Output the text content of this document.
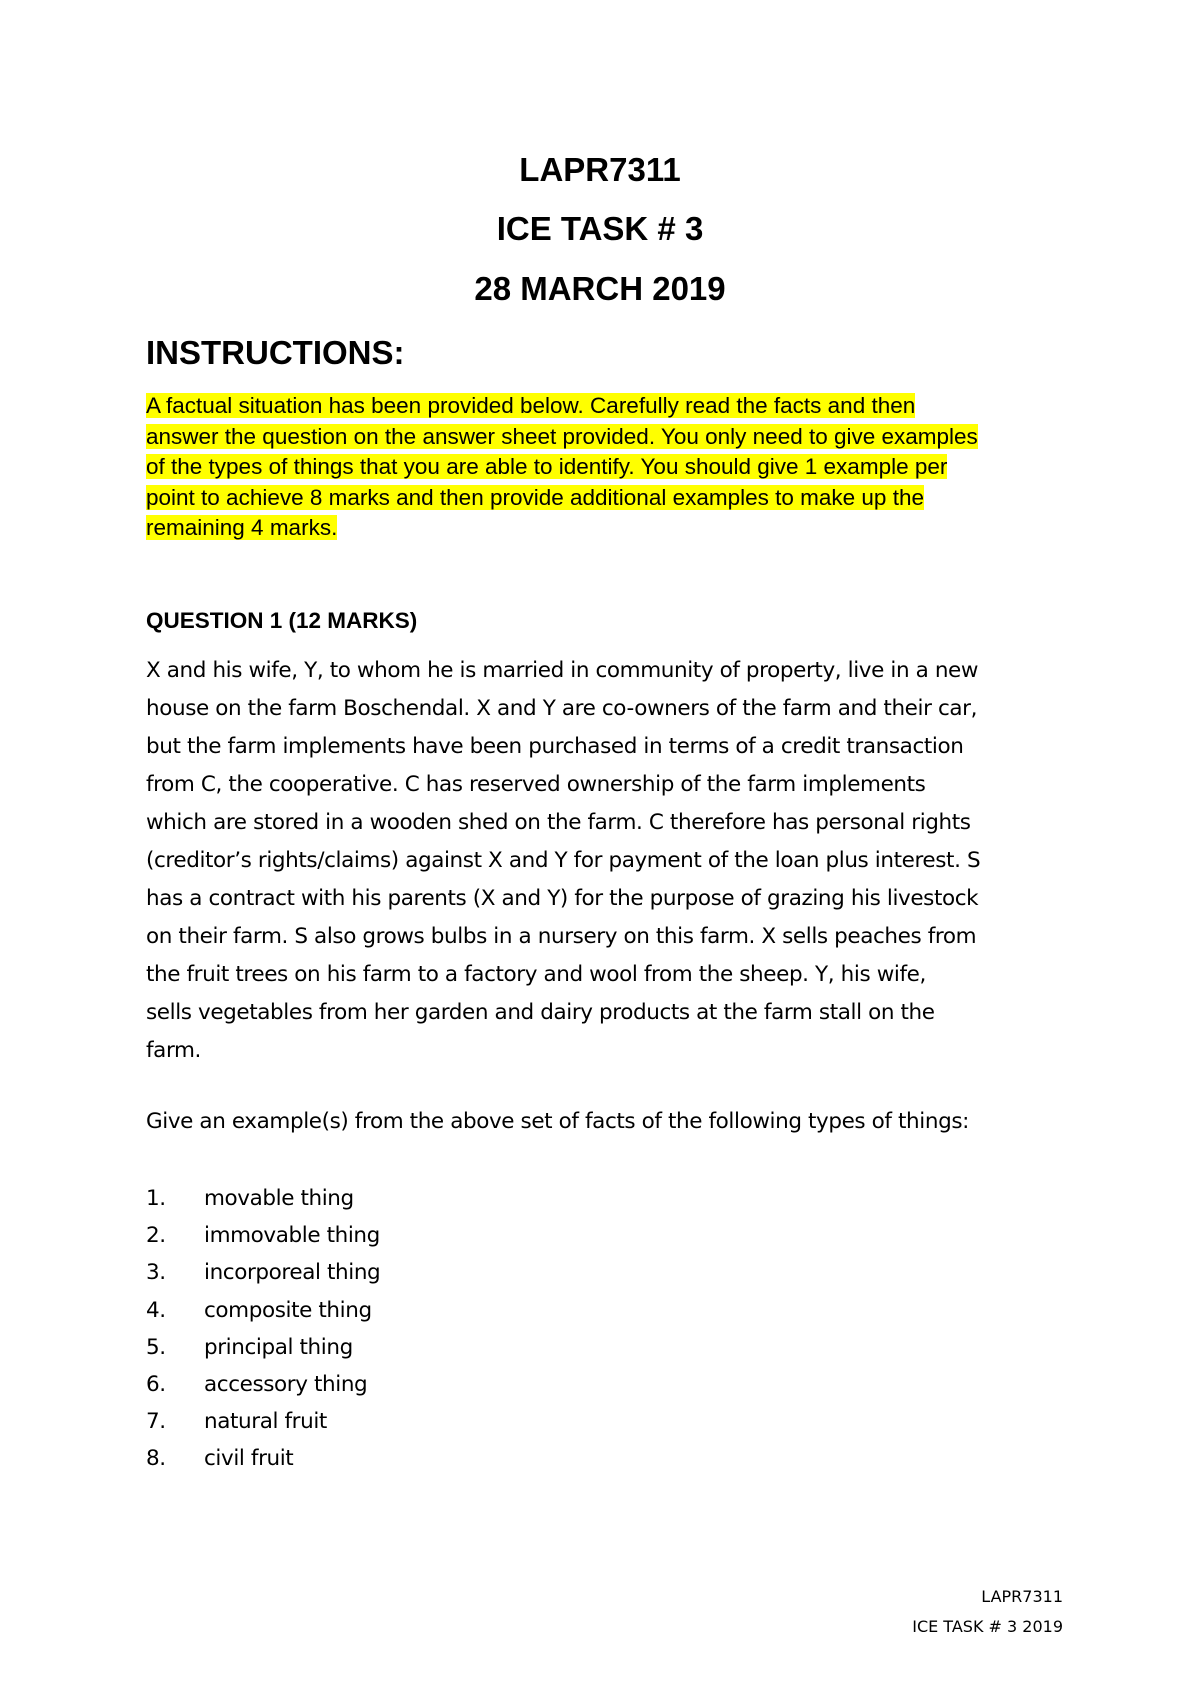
LAPR7311
ICE TASK # 3
28 MARCH 2019
INSTRUCTIONS:
A factual situation has been provided below. Carefully read the facts and then
answer the question on the answer sheet provided. You only need to give examples
of the types of things that you are able to identify. You should give 1 example per
point to achieve 8 marks and then provide additional examples to make up the
remaining 4 marks.
QUESTION 1 (12 MARKS)
X and his wife, Y, to whom he is married in community of property, live in a new
house on the farm Boschendal. X and Y are co-owners of the farm and their car,
but the farm implements have been purchased in terms of a credit transaction
from C, the cooperative. C has reserved ownership of the farm implements
which are stored in a wooden shed on the farm. C therefore has personal rights
(creditor’s rights/claims) against X and Y for payment of the loan plus interest. S
has a contract with his parents (X and Y) for the purpose of grazing his livestock
on their farm. S also grows bulbs in a nursery on this farm. X sells peaches from
the fruit trees on his farm to a factory and wool from the sheep. Y, his wife,
sells vegetables from her garden and dairy products at the farm stall on the
farm.

Give an example(s) from the above set of facts of the following types of things:

1. movable thing
2. immovable thing
3. incorporeal thing
4. composite thing
5. principal thing
6. accessory thing
7. natural fruit
8. civil fruit
LAPR7311
ICE TASK # 3 2019
